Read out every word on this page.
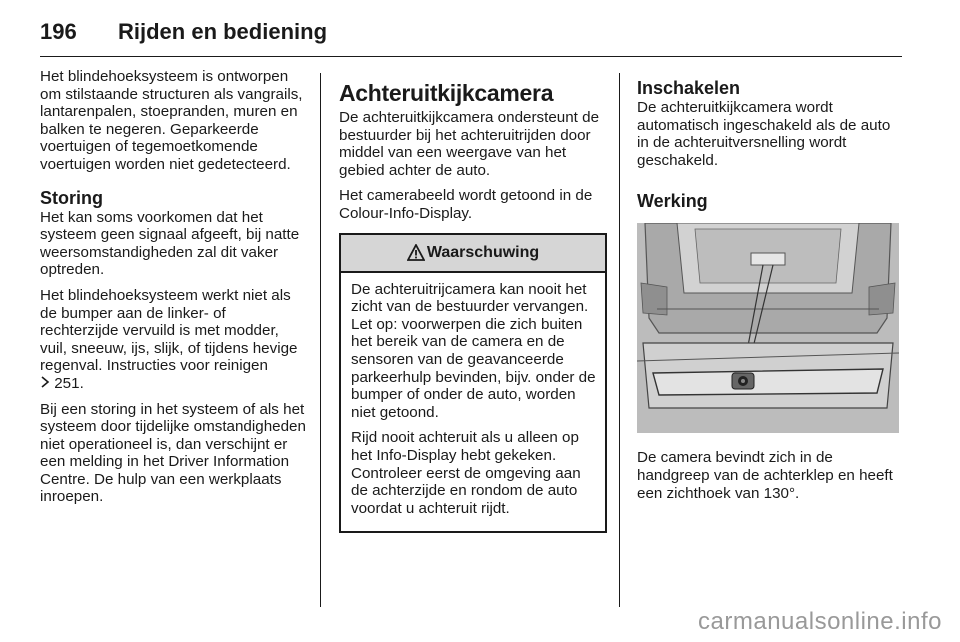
196 Rijden en bediening

Het blindehoeksysteem is ontworpen om stilstaande structuren als vangrails, lantarenpalen, stoepranden, muren en balken te negeren. Geparkeerde voertuigen of tegemoetkomende voertuigen worden niet gedetecteerd.

Storing

Het kan soms voorkomen dat het systeem geen signaal afgeeft, bij natte weersomstandigheden zal dit vaker optreden.

Het blindehoeksysteem werkt niet als de bumper aan de linker- of rechterzijde vervuild is met modder, vuil, sneeuw, ijs, slijk, of tijdens hevige regenval. Instructies voor reinigen
251.

Bij een storing in het systeem of als het systeem door tijdelijke omstandigheden niet operationeel is, dan verschijnt er een melding in het Driver Information Centre. De hulp van een werkplaats inroepen.

Achteruitkijkcamera

De achteruitkijkcamera ondersteunt de bestuurder bij het achteruitrijden door middel van een weergave van het gebied achter de auto.

Het camerabeeld wordt getoond in de Colour-Info-Display.

Waarschuwing

De achteruitrijcamera kan nooit het zicht van de bestuurder vervangen. Let op: voorwerpen die zich buiten het bereik van de camera en de sensoren van de geavanceerde parkeerhulp bevinden, bijv. onder de bumper of onder de auto, worden niet getoond.

Rijd nooit achteruit als u alleen op het Info-Display hebt gekeken. Controleer eerst de omgeving aan de achterzijde en rondom de auto voordat u achteruit rijdt.

Inschakelen

De achteruitkijkcamera wordt automatisch ingeschakeld als de auto in de achteruitversnelling wordt geschakeld.

Werking

De camera bevindt zich in de handgreep van de achterklep en heeft een zichthoek van 130°.

carmanualsonline.info
